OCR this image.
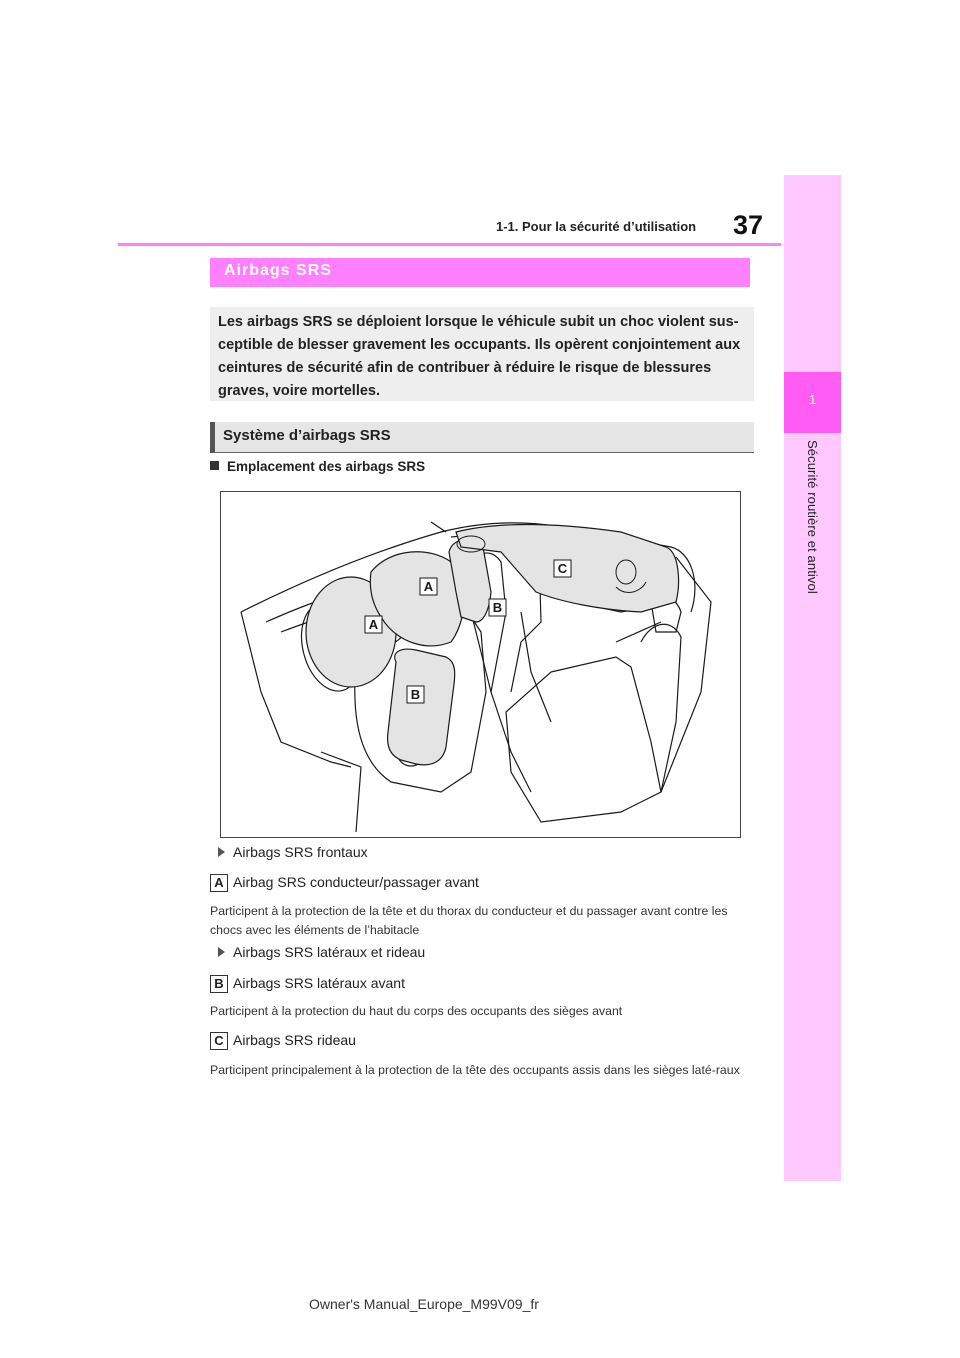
37
1-1. Pour la sécurité d’utilisation
1
Sécurité routière et antivol
Airbags SRS
Les airbags SRS se déploient lorsque le véhicule subit un choc violent sus-ceptible de blesser gravement les occupants. Ils opèrent conjointement aux ceintures de sécurité afin de contribuer à réduire le risque de blessures graves, voire mortelles.
Système d’airbags SRS
Emplacement des airbags SRS
A
A
B
B
C
Airbags SRS frontaux
A Airbag SRS conducteur/passager avant
Participent à la protection de la tête et du thorax du conducteur et du passager avant contre les chocs avec les éléments de l’habitacle
Airbags SRS latéraux et rideau
B Airbags SRS latéraux avant
Participent à la protection du haut du corps des occupants des sièges avant
C Airbags SRS rideau
Participent principalement à la protection de la tête des occupants assis dans les sièges laté-raux
Owner's Manual_Europe_M99V09_fr
